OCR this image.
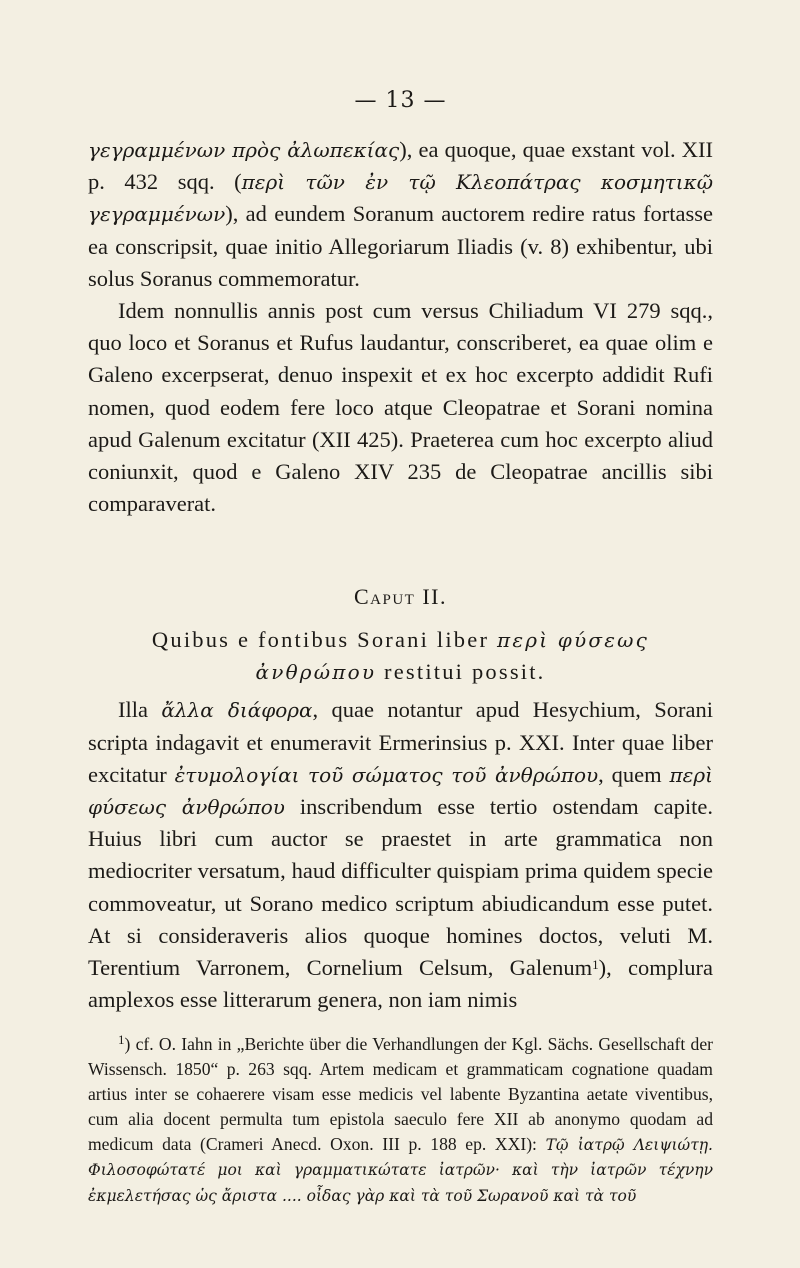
— 13 —

γεγραμμένων πρὸς ἀλωπεκίας), ea quoque, quae exstant vol. XII p. 432 sqq. (περὶ τῶν ἐν τῷ Κλεοπάτρας κοσμητικῷ γεγραμμένων), ad eundem Soranum auctorem redire ratus fortasse ea conscripsit, quae initio Allegoriarum Iliadis (v. 8) exhibentur, ubi solus Soranus commemoratur.

Idem nonnullis annis post cum versus Chiliadum VI 279 sqq., quo loco et Soranus et Rufus laudantur, conscriberet, ea quae olim e Galeno excerpserat, denuo inspexit et ex hoc excerpto addidit Rufi nomen, quod eodem fere loco atque Cleopatrae et Sorani nomina apud Galenum excitatur (XII 425). Praeterea cum hoc excerpto aliud coniunxit, quod e Galeno XIV 235 de Cleopatrae ancillis sibi comparaverat.

Caput II.
Quibus e fontibus Sorani liber περὶ φύσεως
ἀνθρώπου restitui possit.

Illa ἄλλα διάφορα, quae notantur apud Hesychium, Sorani scripta indagavit et enumeravit Ermerinsius p. XXI. Inter quae liber excitatur ἐτυμολογίαι τοῦ σώματος τοῦ ἀνθρώπου, quem περὶ φύσεως ἀνθρώπου inscribendum esse tertio ostendam capite. Huius libri cum auctor se praestet in arte grammatica non mediocriter versatum, haud difficulter quispiam prima quidem specie commoveatur, ut Sorano medico scriptum abiudicandum esse putet. At si consideraveris alios quoque homines doctos, veluti M. Terentium Varronem, Cornelium Celsum, Galenum$^1$), complura amplexos esse litterarum genera, non iam nimis

$^1$) cf. O. Iahn in „Berichte über die Verhandlungen der Kgl. Sächs. Gesellschaft der Wissensch. 1850“ p. 263 sqq. Artem medicam et grammaticam cognatione quadam artius inter se cohaerere visam esse medicis vel labente Byzantina aetate viventibus, cum alia docent permulta tum epistola saeculo fere XII ab anonymo quodam ad medicum data (Crameri Anecd. Oxon. III p. 188 ep. XXI): Τῷ ἰατρῷ Λειψιώτῃ. Φιλοσοφώτατέ μοι καὶ γραμματικώτατε ἰατρῶν· καὶ τὴν ἰατρῶν τέχνην ἐκμελετήσας ὡς ἄριστα .... οἶδας γὰρ καὶ τὰ τοῦ Σωρανοῦ καὶ τὰ τοῦ
